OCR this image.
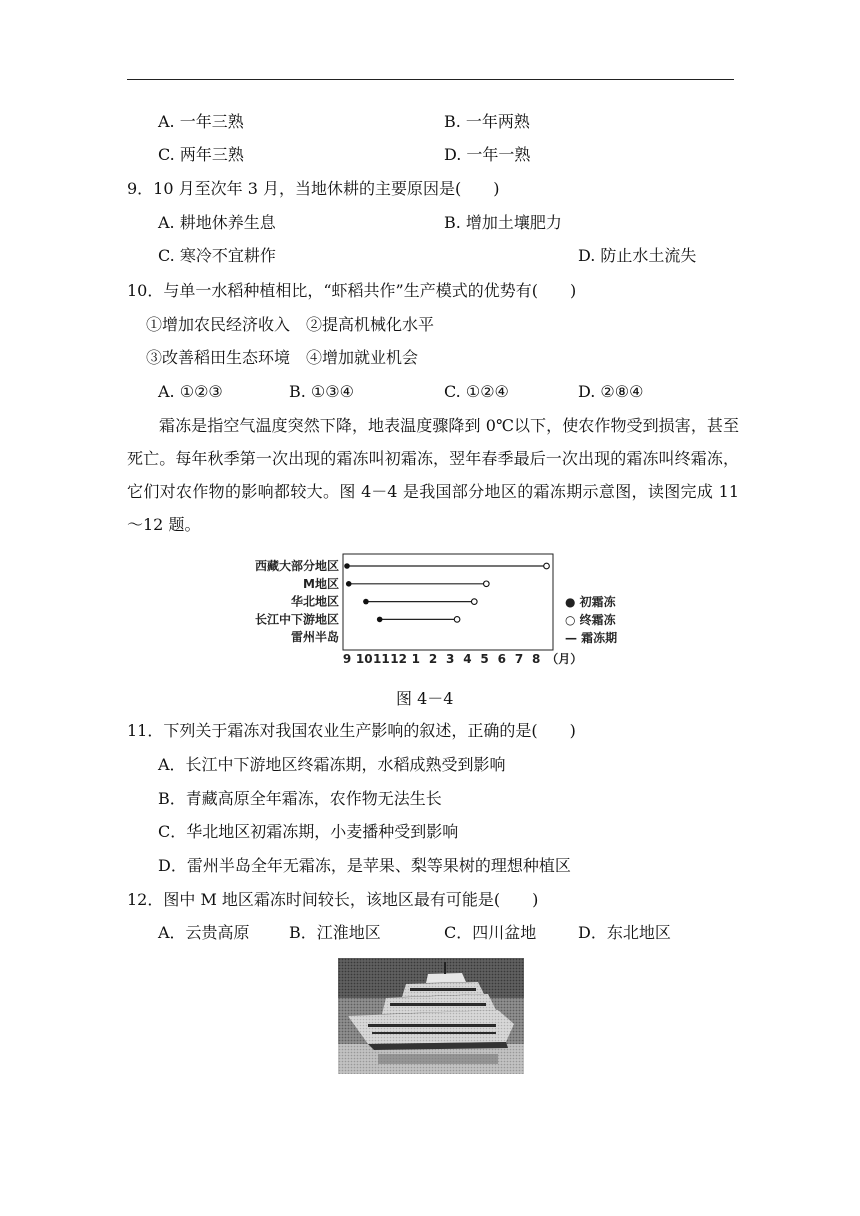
A. 一年三熟	B. 一年两熟
C. 两年三熟	D. 一年一熟
9．10 月至次年 3 月，当地休耕的主要原因是(　　)
A. 耕地休养生息	B. 增加土壤肥力
C. 寒冷不宜耕作	D. 防止水土流失
10．与单一水稻种植相比，“虾稻共作”生产模式的优势有(　　)
①增加农民经济收入　②提高机械化水平
③改善稻田生态环境　④增加就业机会
A. ①②③	B. ①③④	C. ①②④	D. ②⑧④
霜冻是指空气温度突然下降，地表温度骤降到 0℃以下，使农作物受到损害，甚至死亡。每年秋季第一次出现的霜冻叫初霜冻，翌年春季最后一次出现的霜冻叫终霜冻，它们对农作物的影响都较大。图 4－4 是我国部分地区的霜冻期示意图，读图完成 11～12 题。
西藏大部分地区
M地区
华北地区
长江中下游地区
雷州半岛
9 10 11 12 1 2 3 4 5 6 7 8 （月）
● 初霜冻
○ 终霜冻
— 霜冻期
图 4－4
11．下列关于霜冻对我国农业生产影响的叙述，正确的是(　　)
A．长江中下游地区终霜冻期，水稻成熟受到影响
B．青藏高原全年霜冻，农作物无法生长
C．华北地区初霜冻期，小麦播种受到影响
D．雷州半岛全年无霜冻，是苹果、梨等果树的理想种植区
12．图中 M 地区霜冻时间较长，该地区最有可能是(　　)
A．云贵高原 B．江淮地区	C．四川盆地	D．东北地区
